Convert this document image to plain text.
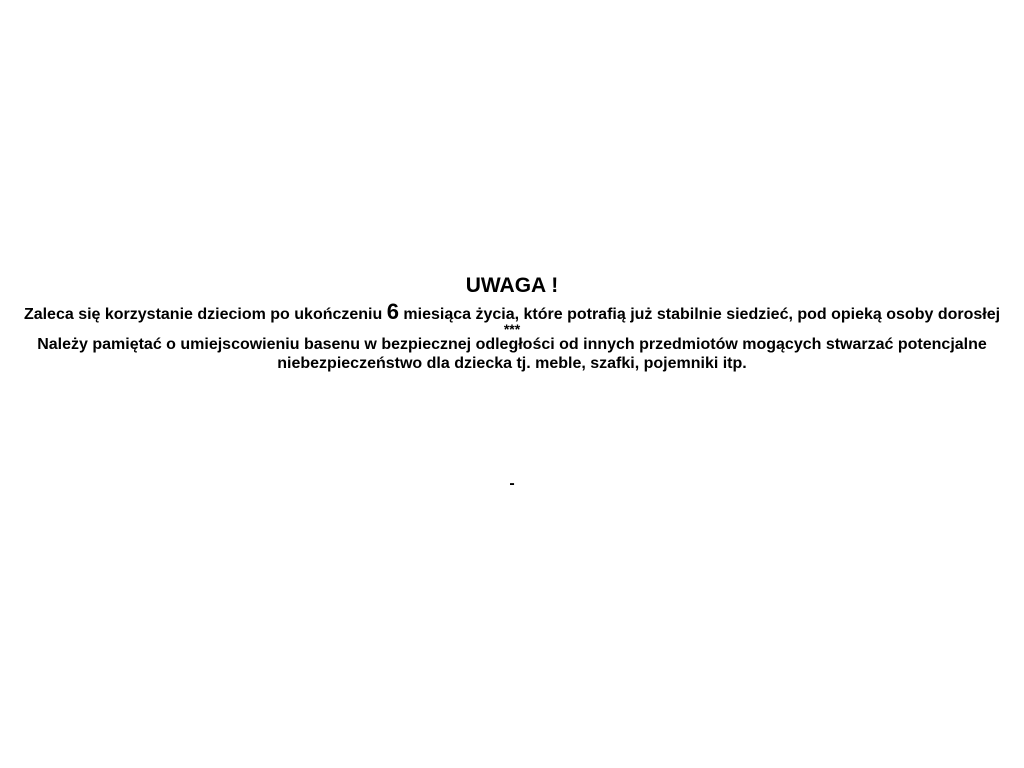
UWAGA !

Zaleca się korzystanie dzieciom po ukończeniu 6 miesiąca życia, które potrafią już stabilnie siedzieć, pod opieką osoby dorosłej

***

Należy pamiętać o umiejscowieniu basenu w bezpiecznej odległości od innych przedmiotów mogących stwarzać potencjalne niebezpieczeństwo dla dziecka tj. meble, szafki, pojemniki itp.

-
